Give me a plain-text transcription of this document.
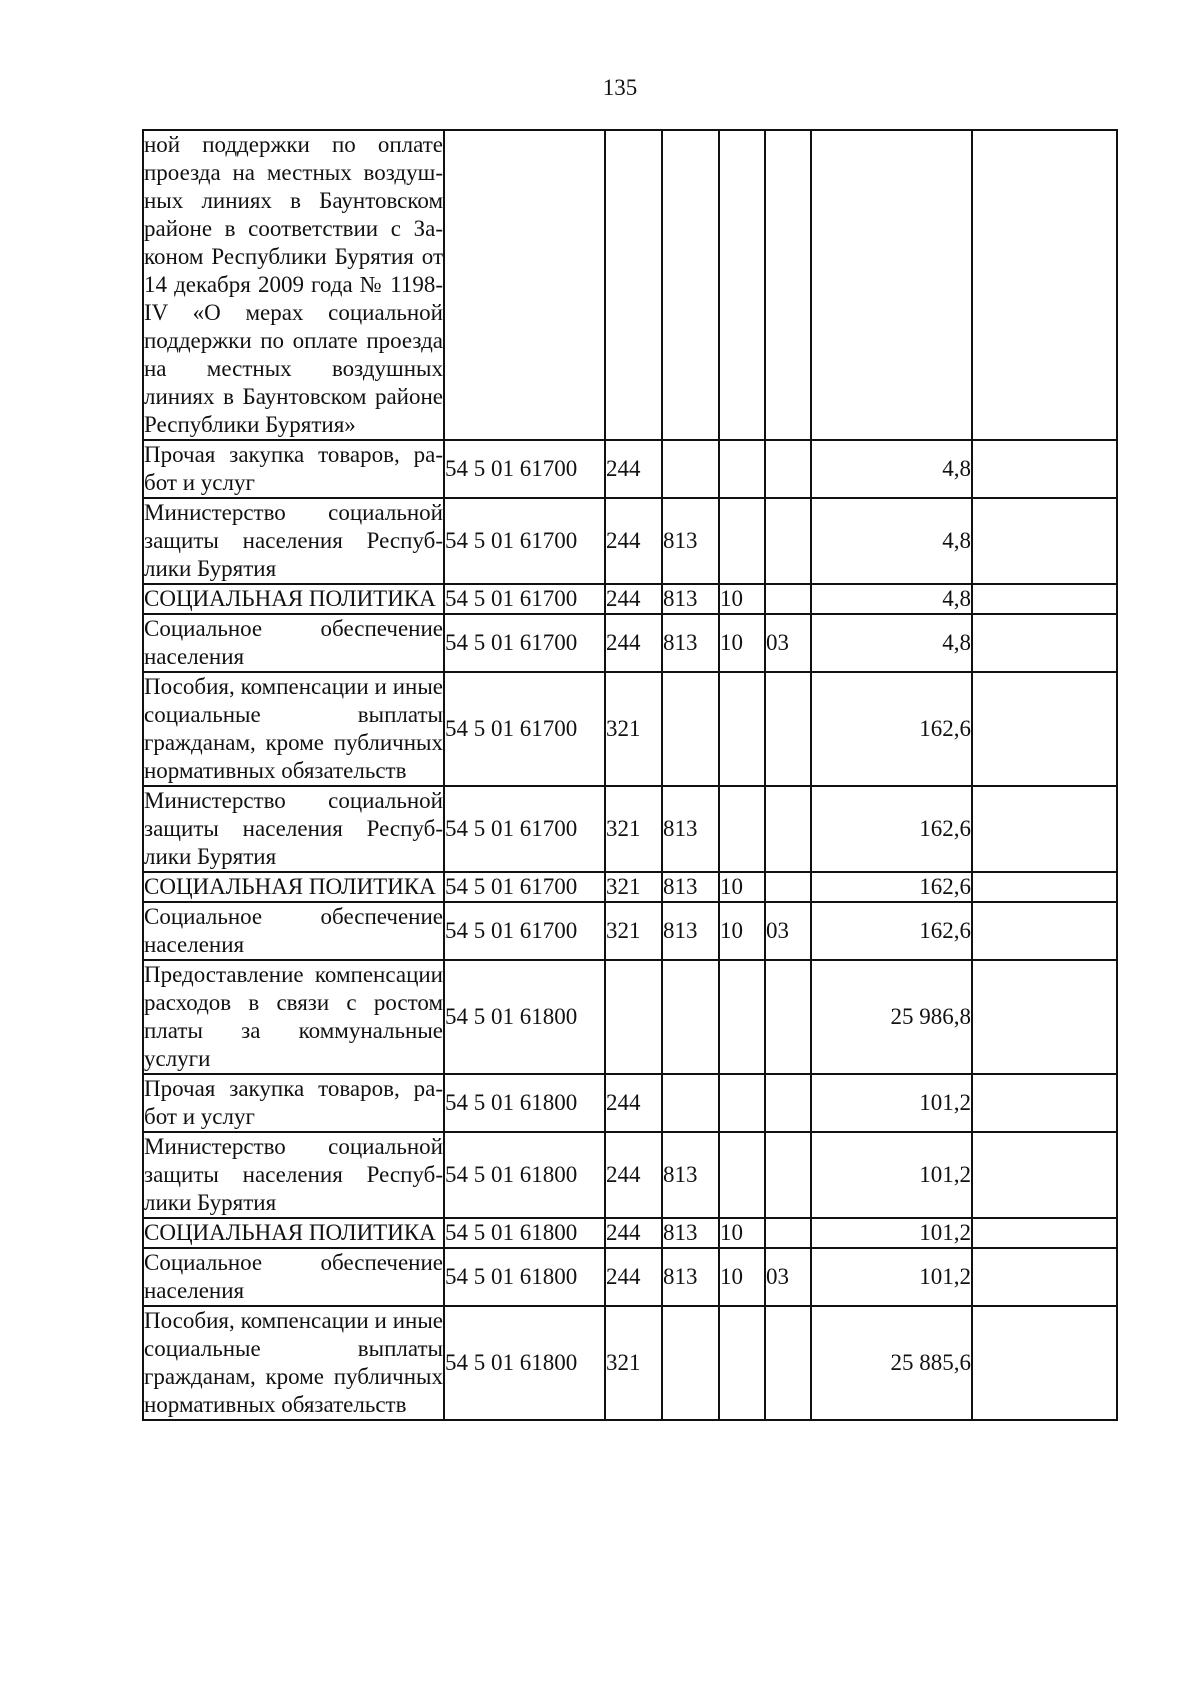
135
ной поддержки по оплате проезда на местных воздушных линиях в Баунтовском районе в соответствии с Законом Республики Бурятия от 14 декабря 2009 года № 1198-IV «О мерах социальной поддержки по оплате проезда на местных воздушных линиях в Баунтовском районе Республики Бурятия»							
Прочая закупка товаров, работ и услуг	54 5 01 61700	244				4,8	
Министерство социальной защиты населения Республики Бурятия	54 5 01 61700	244	813			4,8	
СОЦИАЛЬНАЯ ПОЛИТИКА	54 5 01 61700	244	813	10		4,8	
Социальное обеспечение населения	54 5 01 61700	244	813	10	03	4,8	
Пособия, компенсации и иные социальные выплаты гражданам, кроме публичных нормативных обязательств	54 5 01 61700	321				162,6	
Министерство социальной защиты населения Республики Бурятия	54 5 01 61700	321	813			162,6	
СОЦИАЛЬНАЯ ПОЛИТИКА	54 5 01 61700	321	813	10		162,6	
Социальное обеспечение населения	54 5 01 61700	321	813	10	03	162,6	
Предоставление компенсации расходов в связи с ростом платы за коммунальные услуги	54 5 01 61800					25 986,8	
Прочая закупка товаров, работ и услуг	54 5 01 61800	244				101,2	
Министерство социальной защиты населения Республики Бурятия	54 5 01 61800	244	813			101,2	
СОЦИАЛЬНАЯ ПОЛИТИКА	54 5 01 61800	244	813	10		101,2	
Социальное обеспечение населения	54 5 01 61800	244	813	10	03	101,2	
Пособия, компенсации и иные социальные выплаты гражданам, кроме публичных нормативных обязательств	54 5 01 61800	321				25 885,6	
